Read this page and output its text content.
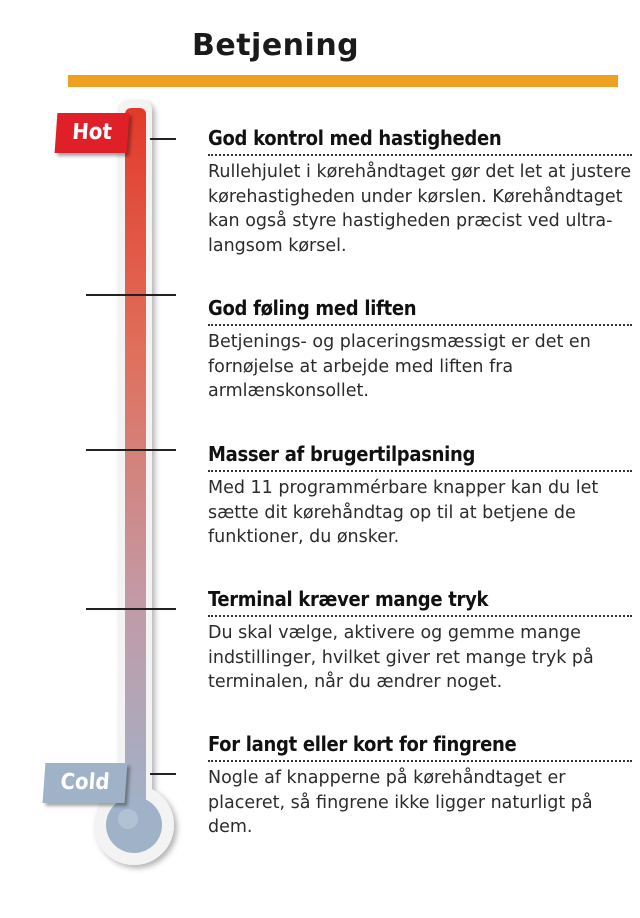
Betjening
Hot
Cold
God kontrol med hastigheden

Rullehjulet i kørehåndtaget gør det let at justere kørehastigheden under kørslen. Kørehåndtaget kan også styre hastigheden præcist ved ultra-langsom kørsel.

God føling med liften

Betjenings- og placeringsmæssigt er det en fornøjelse at arbejde med liften fra armlænskonsollet.

Masser af brugertilpasning

Med 11 programmérbare knapper kan du let sætte dit kørehåndtag op til at betjene de funktioner, du ønsker.

Terminal kræver mange tryk

Du skal vælge, aktivere og gemme mange indstillinger, hvilket giver ret mange tryk på terminalen, når du ændrer noget.

For langt eller kort for fingrene

Nogle af knapperne på kørehåndtaget er placeret, så fingrene ikke ligger naturligt på dem.
